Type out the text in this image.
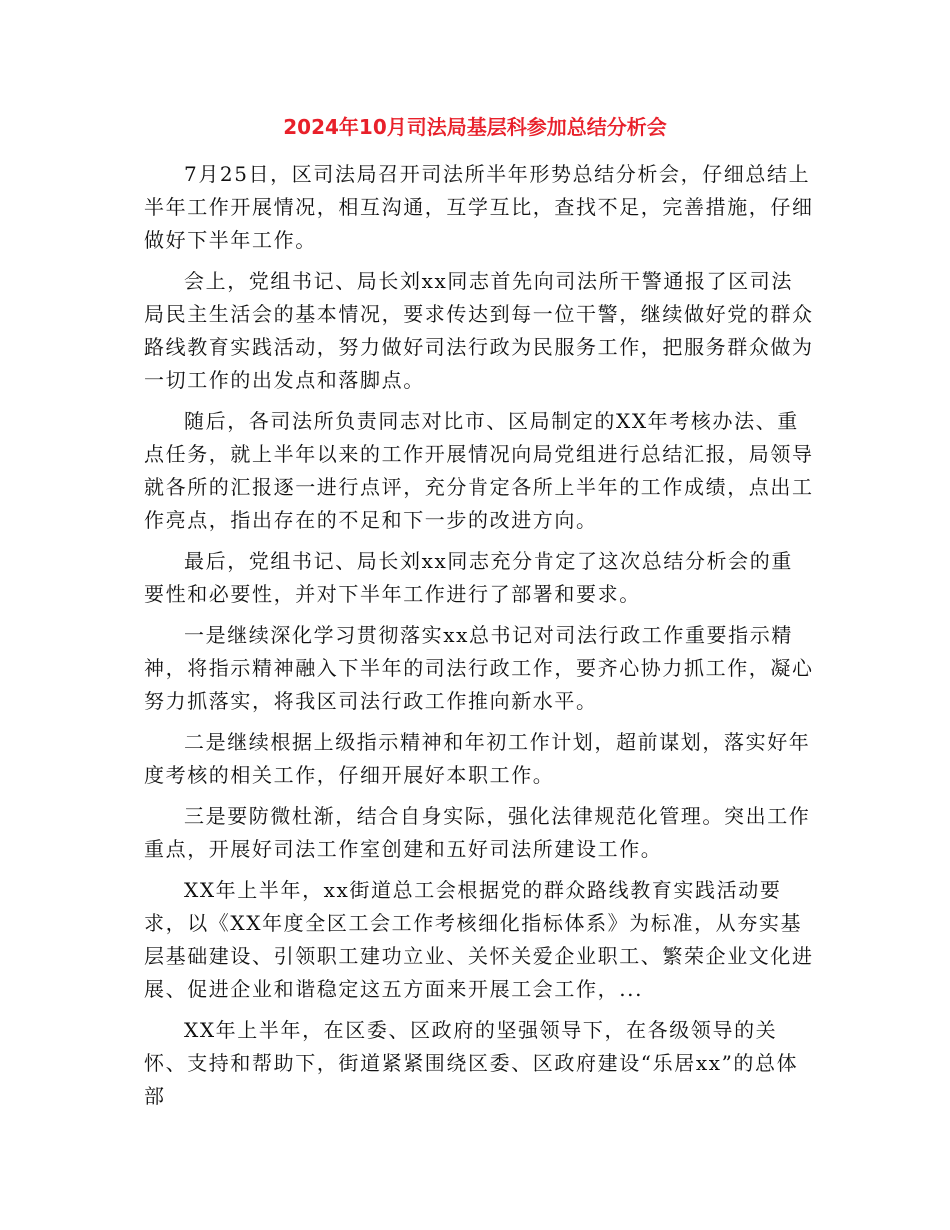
2024年10月司法局基层科参加总结分析会

7月25日，区司法局召开司法所半年形势总结分析会，仔细总结上半年工作开展情况，相互沟通，互学互比，查找不足，完善措施，仔细做好下半年工作。

会上，党组书记、局长刘xx同志首先向司法所干警通报了区司法局民主生活会的基本情况，要求传达到每一位干警，继续做好党的群众路线教育实践活动，努力做好司法行政为民服务工作，把服务群众做为一切工作的出发点和落脚点。

随后，各司法所负责同志对比市、区局制定的XX年考核办法、重点任务，就上半年以来的工作开展情况向局党组进行总结汇报，局领导就各所的汇报逐一进行点评，充分肯定各所上半年的工作成绩，点出工作亮点，指出存在的不足和下一步的改进方向。

最后，党组书记、局长刘xx同志充分肯定了这次总结分析会的重要性和必要性，并对下半年工作进行了部署和要求。

一是继续深化学习贯彻落实xx总书记对司法行政工作重要指示精神，将指示精神融入下半年的司法行政工作，要齐心协力抓工作，凝心努力抓落实，将我区司法行政工作推向新水平。

二是继续根据上级指示精神和年初工作计划，超前谋划，落实好年度考核的相关工作，仔细开展好本职工作。

三是要防微杜渐，结合自身实际，强化法律规范化管理。突出工作重点，开展好司法工作室创建和五好司法所建设工作。

XX年上半年，xx街道总工会根据党的群众路线教育实践活动要求，以《XX年度全区工会工作考核细化指标体系》为标准，从夯实基层基础建设、引领职工建功立业、关怀关爱企业职工、繁荣企业文化进展、促进企业和谐稳定这五方面来开展工会工作，...

XX年上半年，在区委、区政府的坚强领导下，在各级领导的关怀、支持和帮助下，街道紧紧围绕区委、区政府建设“乐居xx”的总体部
